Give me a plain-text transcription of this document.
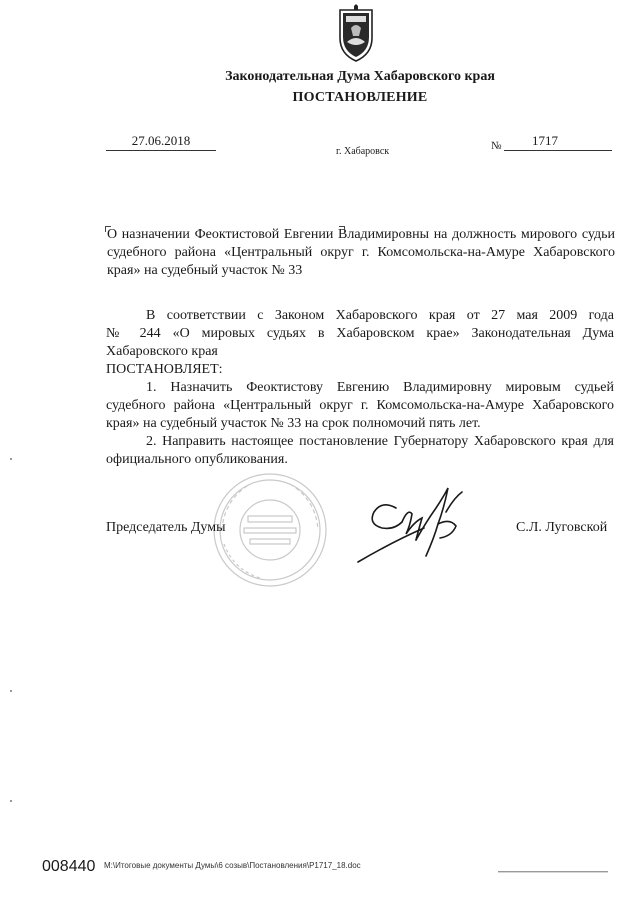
Законодательная Дума Хабаровского края
ПОСТАНОВЛЕНИЕ
27.06.2018
г. Хабаровск	№	1717
О назначении Феоктистовой Евгении Владимировны на должность мирового судьи судебного района «Центральный округ г. Комсомольска-на-Амуре Хабаровского края» на судебный участок № 33

В соответствии с Законом Хабаровского края от 27 мая 2009 года

№ 244 «О мировых судьях в Хабаровском крае» Законодательная Дума

Хабаровского края

ПОСТАНОВЛЯЕТ:

1. Назначить Феоктистову Евгению Владимировну мировым судьей судебного района «Центральный округ г. Комсомольска-на-Амуре Хабаровского края» на судебный участок № 33 на срок полномочий пять лет.

2. Направить настоящее постановление Губернатору Хабаровского края для официального опубликования.

Председатель Думы	С.Л. Луговской
008440 M:\Итоговые документы Думы\6 созыв\Постановления\P1717_18.doc
